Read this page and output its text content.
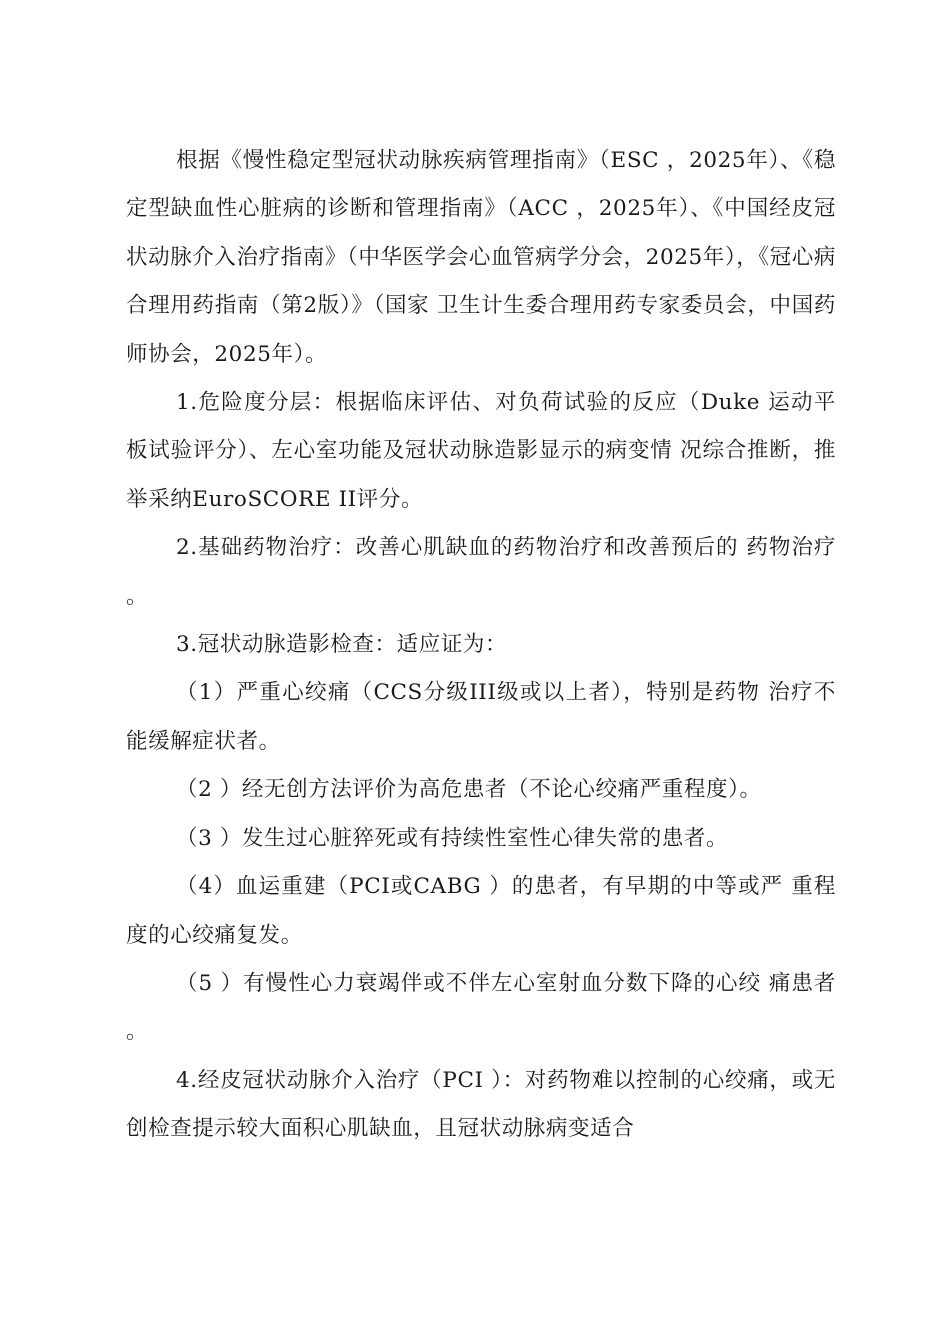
根据《慢性稳定型冠状动脉疾病管理指南》（ESC ，2025年）、《稳定型缺血性心脏病的诊断和管理指南》（ACC ，2025年）、《中国经皮冠状动脉介入治疗指南》（中华医学会心血管病学分会，2025年），《冠心病合理用药指南（第2版）》（国家 卫生计生委合理用药专家委员会，中国药师协会，2025年）。

1.危险度分层：根据临床评估、对负荷试验的反应（Duke 运动平板试验评分）、左心室功能及冠状动脉造影显示的病变情 况综合推断，推举采纳EuroSCORE II评分。

2.基础药物治疗：改善心肌缺血的药物治疗和改善预后的 药物治疗。

3.冠状动脉造影检查：适应证为：

（1）严重心绞痛（CCS分级III级或以上者），特别是药物 治疗不能缓解症状者。

（2 ）经无创方法评价为高危患者（不论心绞痛严重程度）。

（3 ）发生过心脏猝死或有持续性室性心律失常的患者。

（4）血运重建（PCI或CABG ）的患者，有早期的中等或严 重程度的心绞痛复发。

（5 ）有慢性心力衰竭伴或不伴左心室射血分数下降的心绞 痛患者。

4.经皮冠状动脉介入治疗（PCI ）：对药物难以控制的心绞痛，或无创检查提示较大面积心肌缺血，且冠状动脉病变适合
